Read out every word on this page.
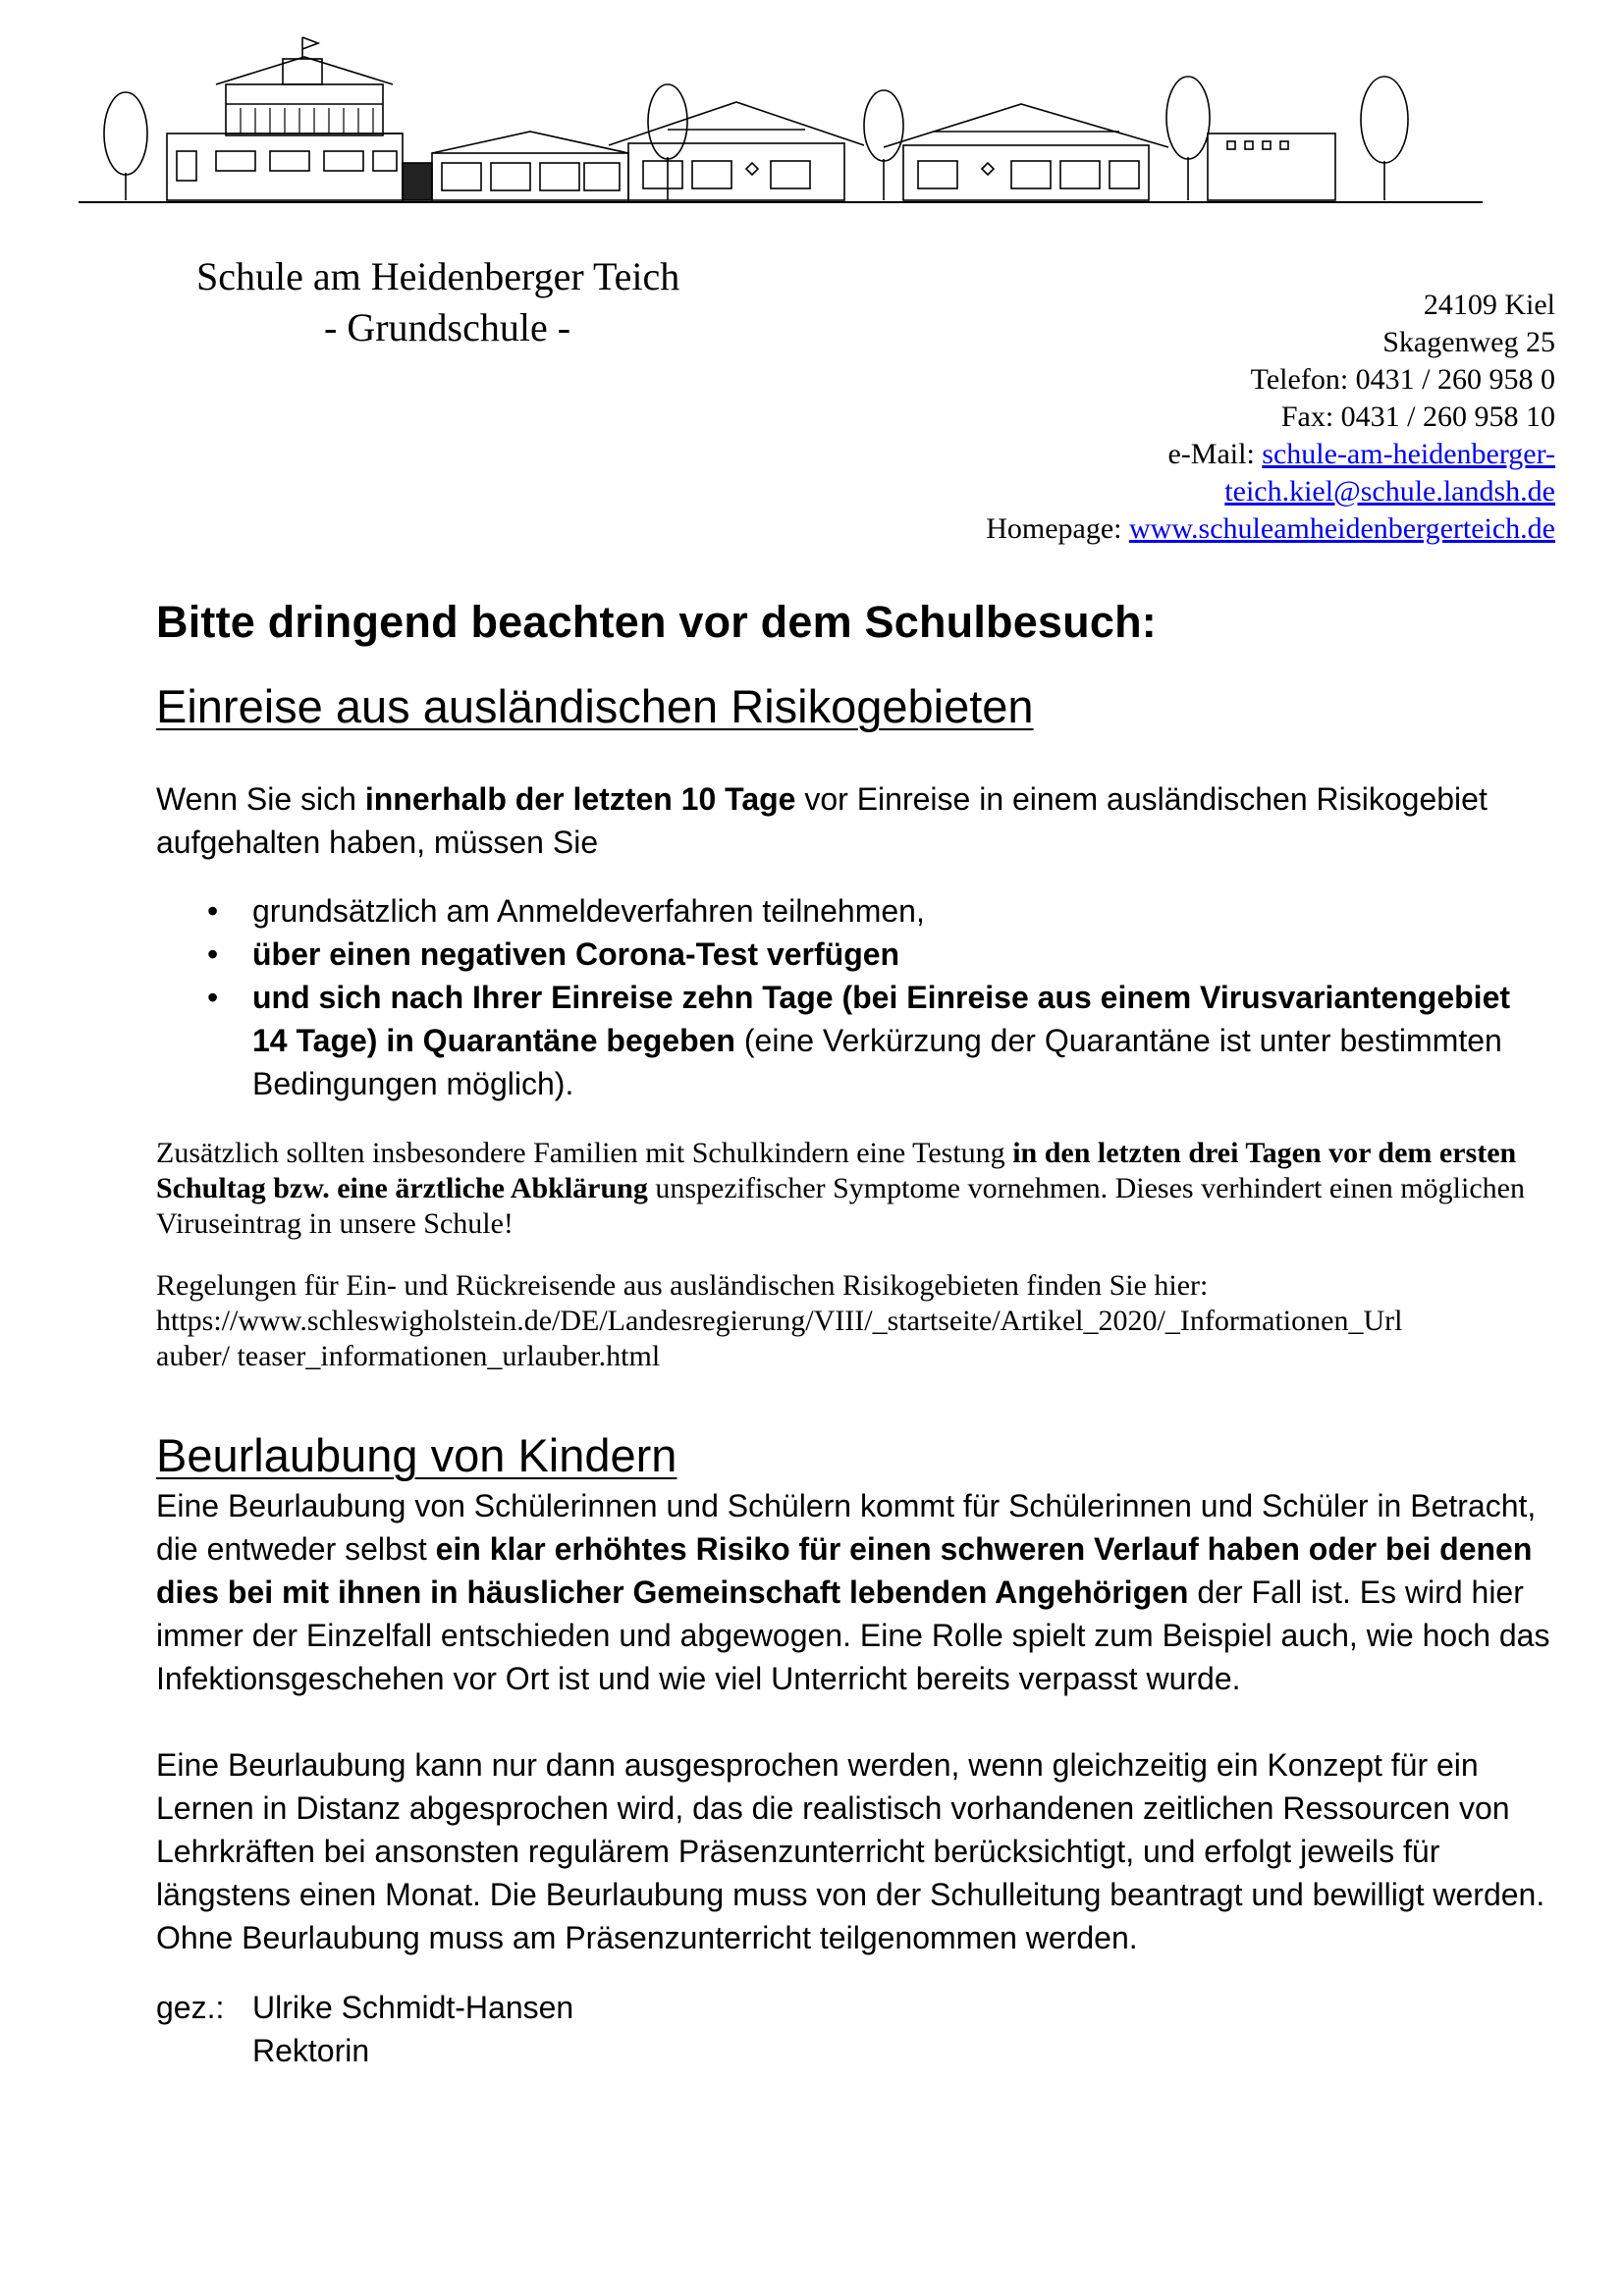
Schule am Heidenberger Teich
- Grundschule -
24109 Kiel
Skagenweg 25
Telefon: 0431 / 260 958 0
Fax: 0431 / 260 958 10
e-Mail: schule-am-heidenberger-
teich.kiel@schule.landsh.de
Homepage: www.schuleamheidenbergerteich.de
Bitte dringend beachten vor dem Schulbesuch:
Einreise aus ausländischen Risikogebieten

Wenn Sie sich innerhalb der letzten 10 Tage vor Einreise in einem ausländischen Risikogebiet aufgehalten haben, müssen Sie

• grundsätzlich am Anmeldeverfahren teilnehmen,
• über einen negativen Corona-Test verfügen
• und sich nach Ihrer Einreise zehn Tage (bei Einreise aus einem Virusvariantengebiet 14 Tage) in Quarantäne begeben (eine Verkürzung der Quarantäne ist unter bestimmten Bedingungen möglich).

Zusätzlich sollten insbesondere Familien mit Schulkindern eine Testung in den letzten drei Tagen vor dem ersten Schultag bzw. eine ärztliche Abklärung unspezifischer Symptome vornehmen. Dieses verhindert einen möglichen Viruseintrag in unsere Schule!

Regelungen für Ein- und Rückreisende aus ausländischen Risikogebieten finden Sie hier:
https://www.schleswigholstein.de/DE/Landesregierung/VIII/_startseite/Artikel_2020/_Informationen_Url
auber/ teaser_informationen_urlauber.html

Beurlaubung von Kindern

Eine Beurlaubung von Schülerinnen und Schülern kommt für Schülerinnen und Schüler in Betracht, die entweder selbst ein klar erhöhtes Risiko für einen schweren Verlauf haben oder bei denen dies bei mit ihnen in häuslicher Gemeinschaft lebenden Angehörigen der Fall ist. Es wird hier immer der Einzelfall entschieden und abgewogen. Eine Rolle spielt zum Beispiel auch, wie hoch das Infektionsgeschehen vor Ort ist und wie viel Unterricht bereits verpasst wurde.

Eine Beurlaubung kann nur dann ausgesprochen werden, wenn gleichzeitig ein Konzept für ein Lernen in Distanz abgesprochen wird, das die realistisch vorhandenen zeitlichen Ressourcen von Lehrkräften bei ansonsten regulärem Präsenzunterricht berücksichtigt, und erfolgt jeweils für längstens einen Monat. Die Beurlaubung muss von der Schulleitung beantragt und bewilligt werden. Ohne Beurlaubung muss am Präsenzunterricht teilgenommen werden.

gez.: Ulrike Schmidt-Hansen
Rektorin
